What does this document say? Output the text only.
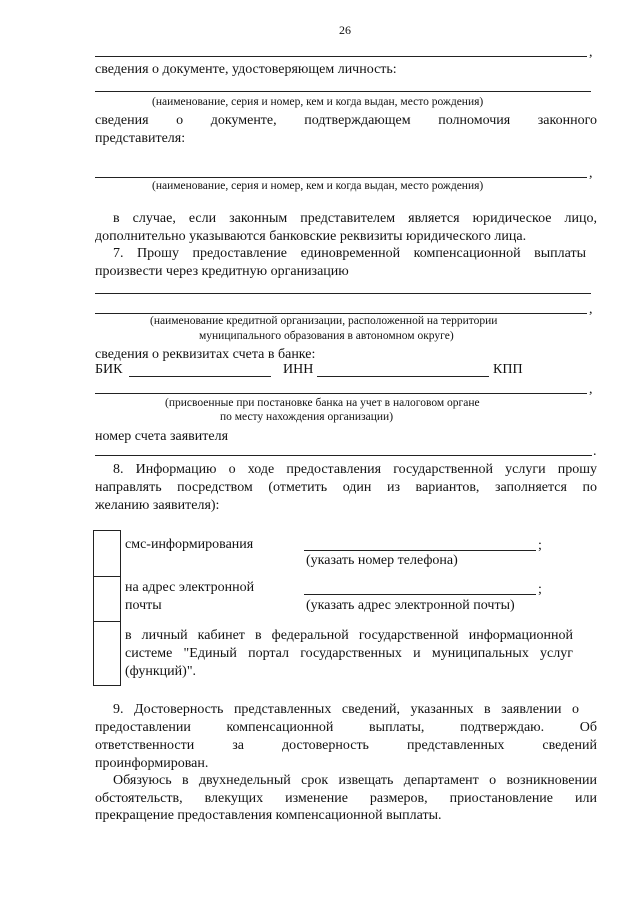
26
,
сведения о документе, удостоверяющем личность:
(наименование, серия и номер, кем и когда выдан, место рождения)
сведения о документе, подтверждающем полномочия законного
представителя:
,
(наименование, серия и номер, кем и когда выдан, место рождения)
в случае, если законным представителем является юридическое лицо,
дополнительно указываются банковские реквизиты юридического лица.
7. Прошу предоставление единовременной компенсационной выплаты
произвести через кредитную организацию
,
(наименование кредитной организации, расположенной на территории
муниципального образования в автономном округе)
сведения о реквизитах счета в банке:
БИК	ИНН	КПП
,
(присвоенные при постановке банка на учет в налоговом органе
по месту нахождения организации)
номер счета заявителя
.
8. Информацию о ходе предоставления государственной услуги прошу
направлять посредством (отметить один из вариантов, заполняется по
желанию заявителя):
смс-информирования	;
(указать номер телефона)
на адрес электронной
почты
;
(указать адрес электронной почты)
в личный кабинет в федеральной государственной информационной
системе "Единый портал государственных и муниципальных услуг
(функций)".
9. Достоверность представленных сведений, указанных в заявлении о
предоставлении компенсационной выплаты, подтверждаю. Об
ответственности за достоверность представленных сведений
проинформирован.
Обязуюсь в двухнедельный срок извещать департамент о возникновении
обстоятельств, влекущих изменение размеров, приостановление или
прекращение предоставления компенсационной выплаты.
